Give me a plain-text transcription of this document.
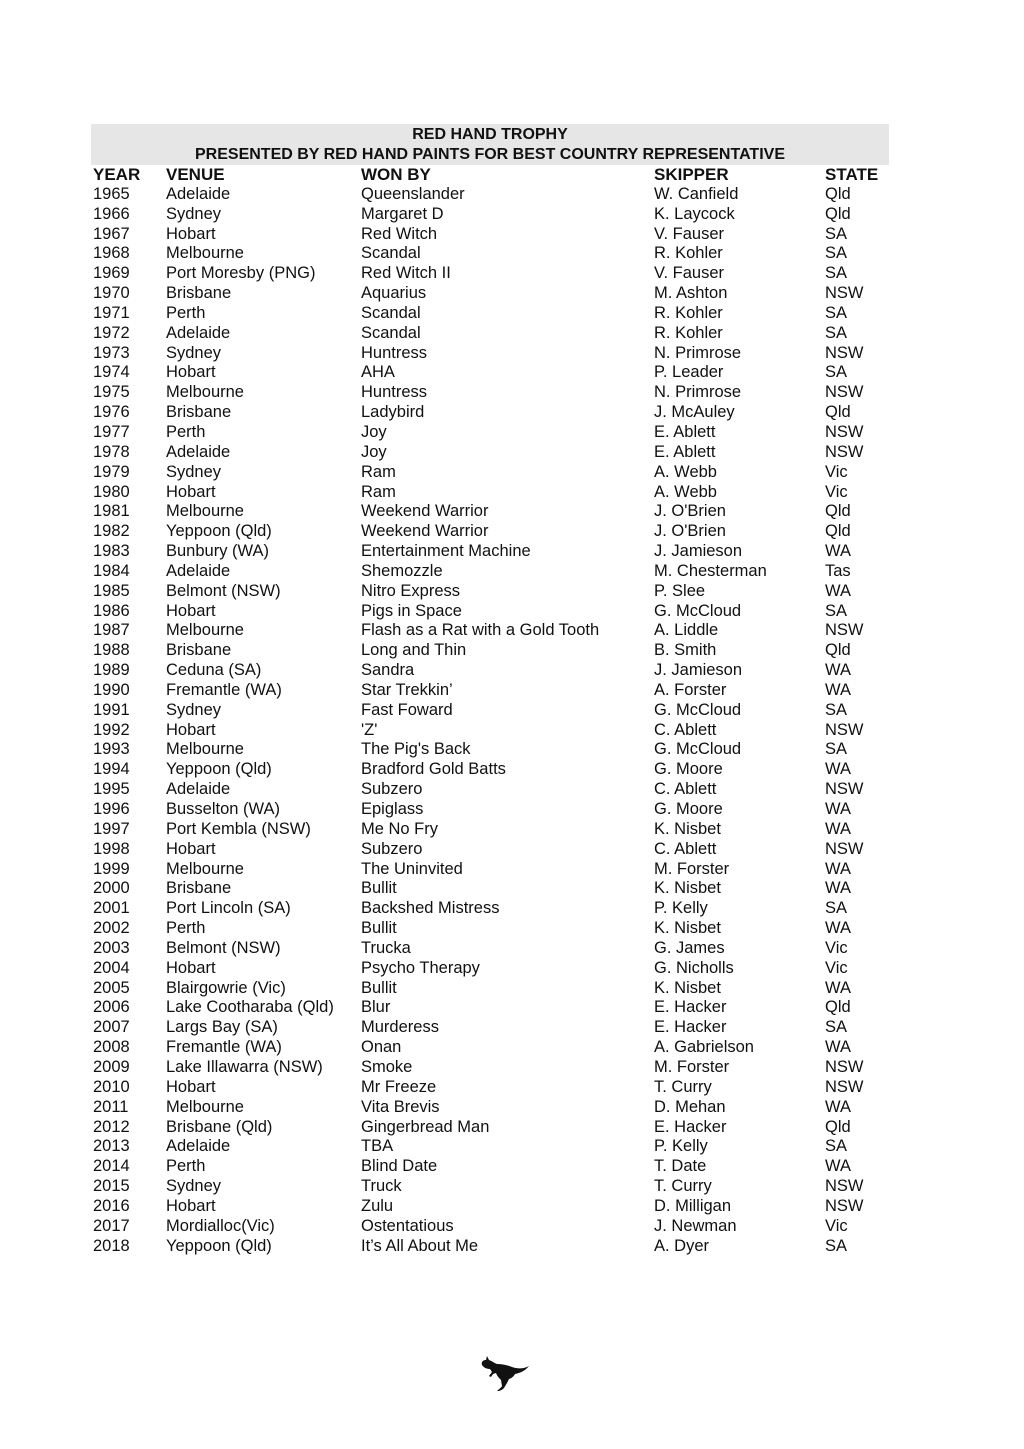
RED HAND TROPHY
PRESENTED BY RED HAND PAINTS FOR BEST COUNTRY REPRESENTATIVE
YEAR	VENUE	WON BY	SKIPPER	STATE
1965	Adelaide	Queenslander	W. Canfield	Qld
1966	Sydney	Margaret D	K. Laycock	Qld
1967	Hobart	Red Witch	V. Fauser	SA
1968	Melbourne	Scandal	R. Kohler	SA
1969	Port Moresby (PNG)	Red Witch II	V. Fauser	SA
1970	Brisbane	Aquarius	M. Ashton	NSW
1971	Perth	Scandal	R. Kohler	SA
1972	Adelaide	Scandal	R. Kohler	SA
1973	Sydney	Huntress	N. Primrose	NSW
1974	Hobart	AHA	P. Leader	SA
1975	Melbourne	Huntress	N. Primrose	NSW
1976	Brisbane	Ladybird	J. McAuley	Qld
1977	Perth	Joy	E. Ablett	NSW
1978	Adelaide	Joy	E. Ablett	NSW
1979	Sydney	Ram	A. Webb	Vic
1980	Hobart	Ram	A. Webb	Vic
1981	Melbourne	Weekend Warrior	J. O'Brien	Qld
1982	Yeppoon (Qld)	Weekend Warrior	J. O'Brien	Qld
1983	Bunbury (WA)	Entertainment Machine	J. Jamieson	WA
1984	Adelaide	Shemozzle	M. Chesterman	Tas
1985	Belmont (NSW)	Nitro Express	P. Slee	WA
1986	Hobart	Pigs in Space	G. McCloud	SA
1987	Melbourne	Flash as a Rat with a Gold Tooth	A. Liddle	NSW
1988	Brisbane	Long and Thin	B. Smith	Qld
1989	Ceduna (SA)	Sandra	J. Jamieson	WA
1990	Fremantle (WA)	Star Trekkin’	A. Forster	WA
1991	Sydney	Fast Foward	G. McCloud	SA
1992	Hobart	'Z'	C. Ablett	NSW
1993	Melbourne	The Pig's Back	G. McCloud	SA
1994	Yeppoon (Qld)	Bradford Gold Batts	G. Moore	WA
1995	Adelaide	Subzero	C. Ablett	NSW
1996	Busselton (WA)	Epiglass	G. Moore	WA
1997	Port Kembla (NSW)	Me No Fry	K. Nisbet	WA
1998	Hobart	Subzero	C. Ablett	NSW
1999	Melbourne	The Uninvited	M. Forster	WA
2000	Brisbane	Bullit	K. Nisbet	WA
2001	Port Lincoln (SA)	Backshed Mistress	P. Kelly	SA
2002	Perth	Bullit	K. Nisbet	WA
2003	Belmont (NSW)	Trucka	G. James	Vic
2004	Hobart	Psycho Therapy	G. Nicholls	Vic
2005	Blairgowrie (Vic)	Bullit	K. Nisbet	WA
2006	Lake Cootharaba (Qld)	Blur	E. Hacker	Qld
2007	Largs Bay (SA)	Murderess	E. Hacker	SA
2008	Fremantle (WA)	Onan	A. Gabrielson	WA
2009	Lake Illawarra (NSW)	Smoke	M. Forster	NSW
2010	Hobart	Mr Freeze	T. Curry	NSW
2011	Melbourne	Vita Brevis	D. Mehan	WA
2012	Brisbane (Qld)	Gingerbread Man	E. Hacker	Qld
2013	Adelaide	TBA	P. Kelly	SA
2014	Perth	Blind Date	T. Date	WA
2015	Sydney	Truck	T. Curry	NSW
2016	Hobart	Zulu	D. Milligan	NSW
2017	Mordialloc(Vic)	Ostentatious	J. Newman	Vic
2018	Yeppoon (Qld)	It’s All About Me	A. Dyer	SA
